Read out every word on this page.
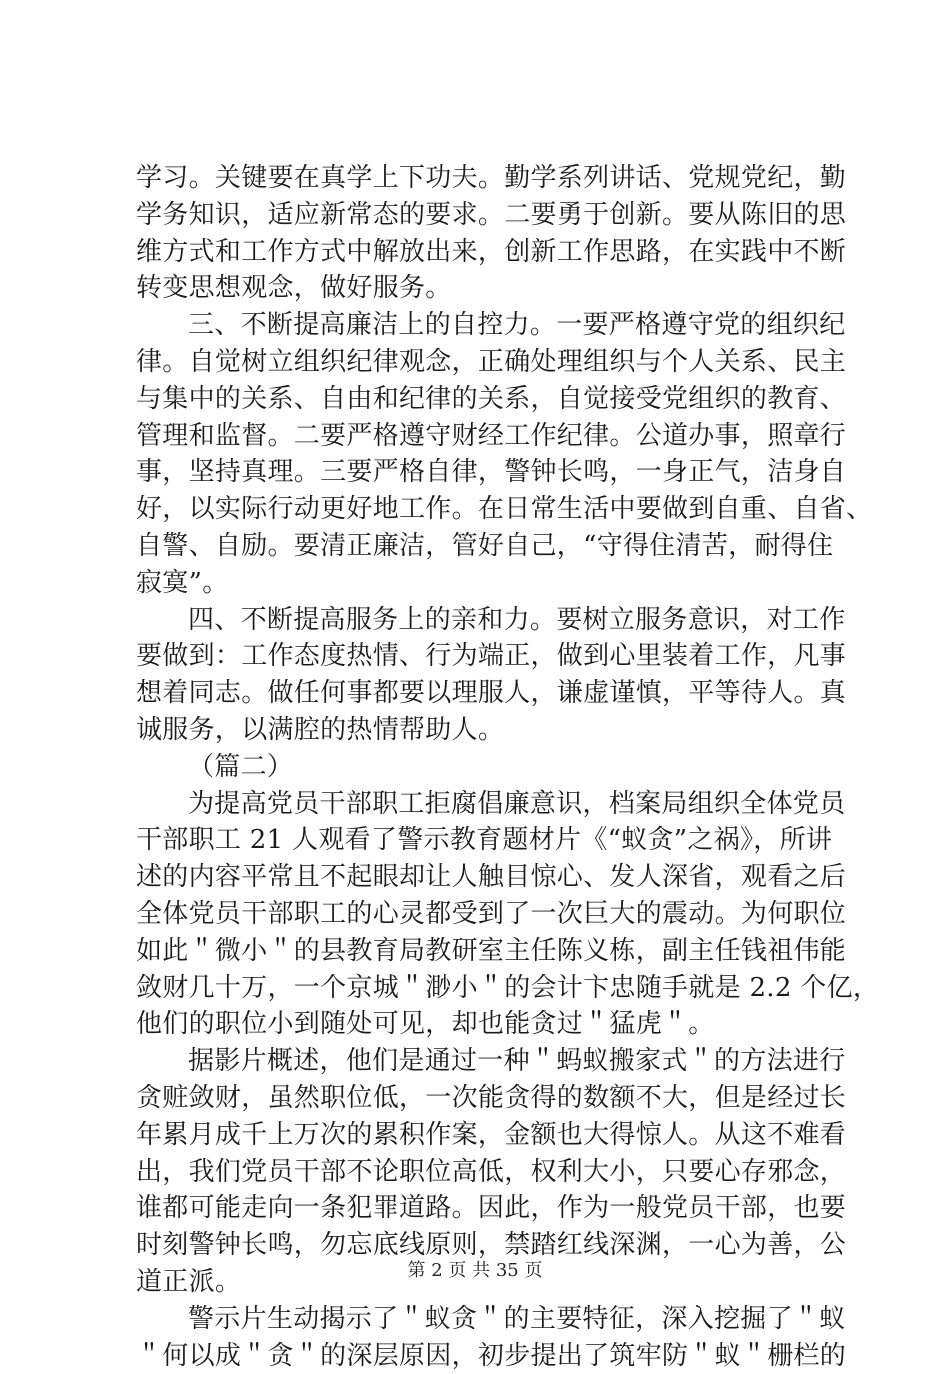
学习。关键要在真学上下功夫。勤学系列讲话、党规党纪，勤
学务知识，适应新常态的要求。二要勇于创新。要从陈旧的思
维方式和工作方式中解放出来，创新工作思路，在实践中不断
转变思想观念，做好服务。
三、不断提高廉洁上的自控力。一要严格遵守党的组织纪
律。自觉树立组织纪律观念，正确处理组织与个人关系、民主
与集中的关系、自由和纪律的关系，自觉接受党组织的教育、
管理和监督。二要严格遵守财经工作纪律。公道办事，照章行
事，坚持真理。三要严格自律，警钟长鸣，一身正气，洁身自
好，以实际行动更好地工作。在日常生活中要做到自重、自省、
自警、自励。要清正廉洁，管好自己，“守得住清苦，耐得住
寂寞”。
四、不断提高服务上的亲和力。要树立服务意识，对工作
要做到：工作态度热情、行为端正，做到心里装着工作，凡事
想着同志。做任何事都要以理服人，谦虚谨慎，平等待人。真
诚服务，以满腔的热情帮助人。
（篇二）
为提高党员干部职工拒腐倡廉意识，档案局组织全体党员
干部职工 21 人观看了警示教育题材片《“蚁贪”之祸》，所讲
述的内容平常且不起眼却让人触目惊心、发人深省，观看之后
全体党员干部职工的心灵都受到了一次巨大的震动。为何职位
如此＂微小＂的县教育局教研室主任陈义栋，副主任钱祖伟能
敛财几十万，一个京城＂渺小＂的会计卞忠随手就是 2.2 个亿，
他们的职位小到随处可见，却也能贪过＂猛虎＂。
据影片概述，他们是通过一种＂蚂蚁搬家式＂的方法进行
贪赃敛财，虽然职位低，一次能贪得的数额不大，但是经过长
年累月成千上万次的累积作案，金额也大得惊人。从这不难看
出，我们党员干部不论职位高低，权利大小，只要心存邪念，
谁都可能走向一条犯罪道路。因此，作为一般党员干部，也要
时刻警钟长鸣，勿忘底线原则，禁踏红线深渊，一心为善，公
道正派。
警示片生动揭示了＂蚁贪＂的主要特征，深入挖掘了＂蚁
＂何以成＂贪＂的深层原因，初步提出了筑牢防＂蚁＂栅栏的
第 2 页 共 35 页
